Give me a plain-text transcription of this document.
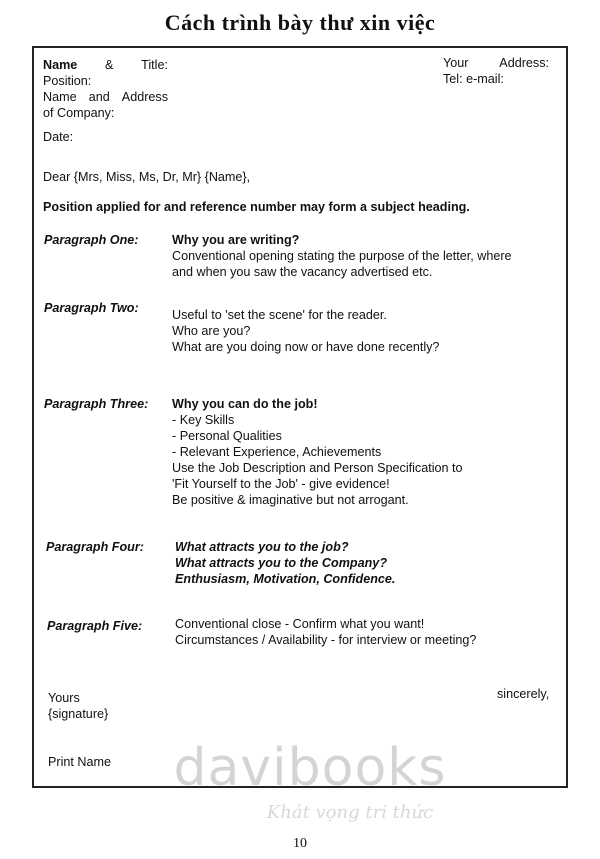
Cách trình bày thư xin việc
Name & Title:
Position:
Name and Address
of Company:
Your Address:
Tel: e-mail:
Date:
Dear {Mrs, Miss, Ms, Dr, Mr} {Name},
Position applied for and reference number may form a subject heading.
Paragraph One:	Why you are writing?
Conventional opening stating the purpose of the letter, where
and when you saw the vacancy advertised etc.
Paragraph Two:	Useful to 'set the scene' for the reader.
Who are you?
What are you doing now or have done recently?
Paragraph Three: Why you can do the job!
- Key Skills
- Personal Qualities
- Relevant Experience, Achievements
Use the Job Description and Person Specification to
'Fit Yourself to the Job' - give evidence!
Be positive & imaginative but not arrogant.
Paragraph Four: What attracts you to the job?
What attracts you to the Company?
Enthusiasm, Motivation, Confidence.
Paragraph Five:	Conventional close - Confirm what you want!
Circumstances / Availability - for interview or meeting?
Yours
{signature}
sincerely,
Print Name davibooks
Khát vọng tri thức
10
